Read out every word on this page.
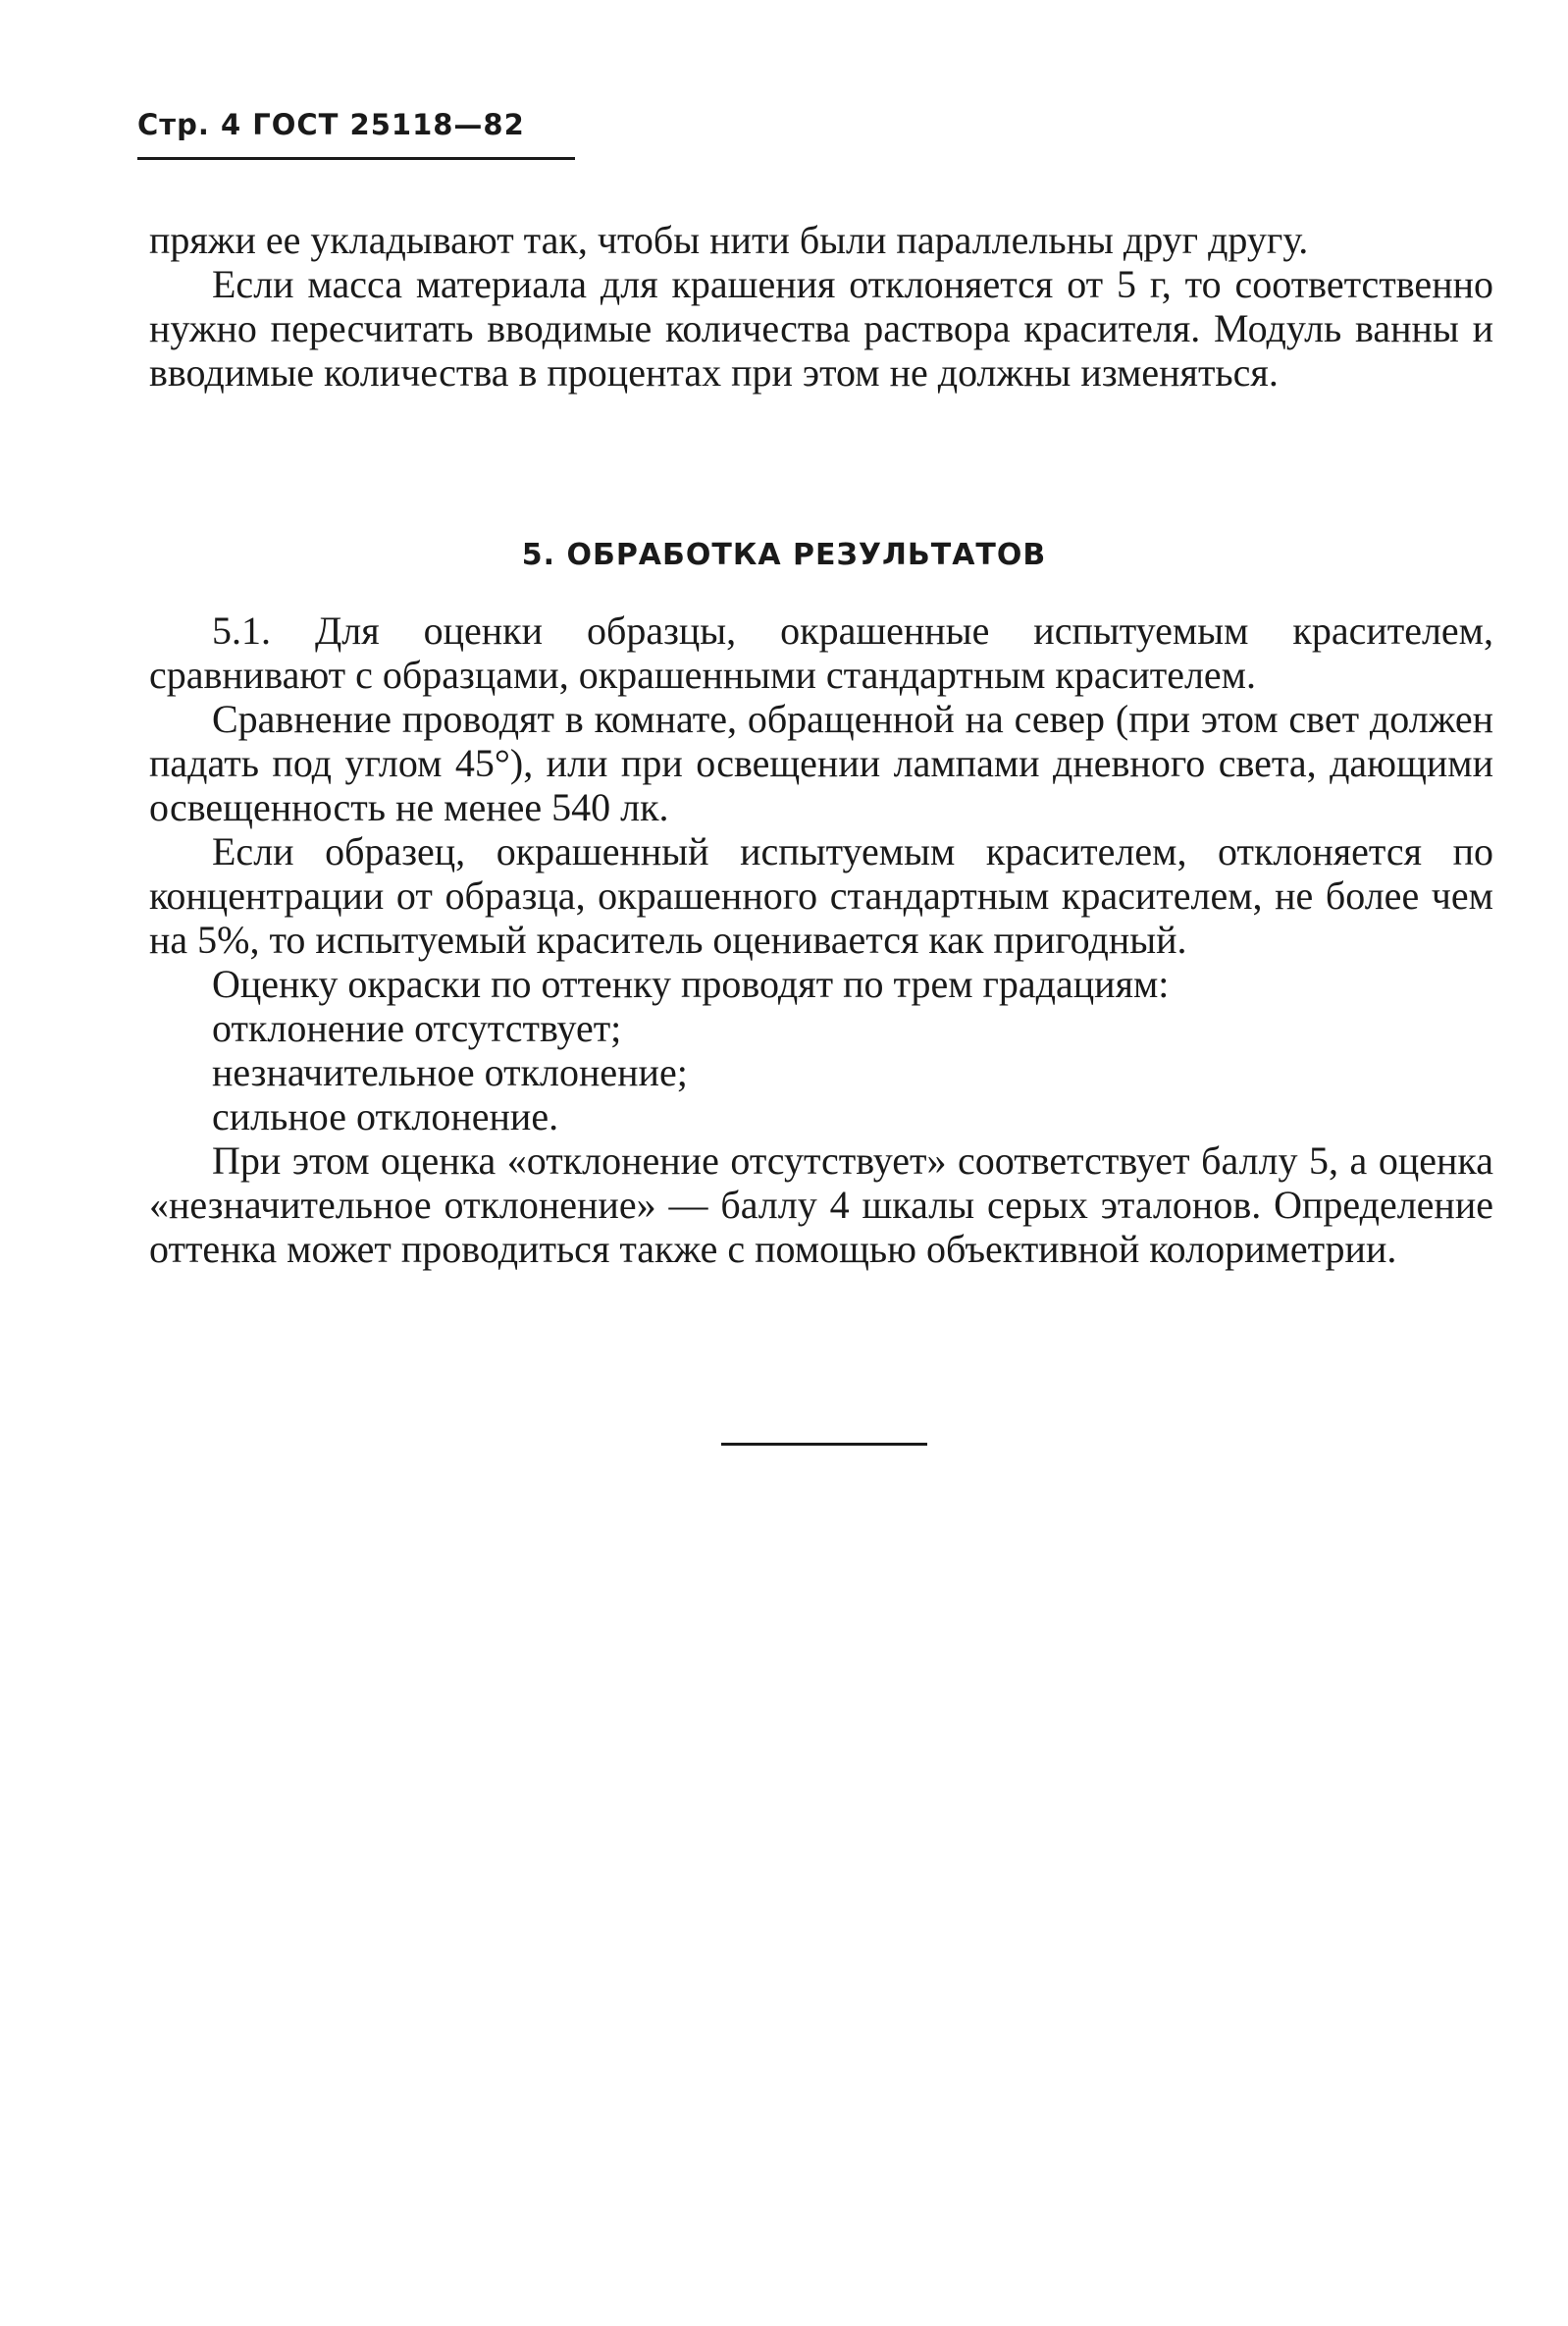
Стр. 4 ГОСТ 25118—82

пряжи ее укладывают так, чтобы нити были параллельны друг другу.

Если масса материала для крашения отклоняется от 5 г, то соответственно нужно пересчитать вводимые количества раствора красителя. Модуль ванны и вводимые количества в процентах при этом не должны изменяться.

5. ОБРАБОТКА РЕЗУЛЬТАТОВ

5.1. Для оценки образцы, окрашенные испытуемым красителем, сравнивают с образцами, окрашенными стандартным красителем.

Сравнение проводят в комнате, обращенной на север (при этом свет должен падать под углом 45°), или при освещении лампами дневного света, дающими освещенность не менее 540 лк.

Если образец, окрашенный испытуемым красителем, отклоняется по концентрации от образца, окрашенного стандартным красителем, не более чем на 5%, то испытуемый краситель оценивается как пригодный.

Оценку окраски по оттенку проводят по трем градациям:

отклонение отсутствует;

незначительное отклонение;

сильное отклонение.

При этом оценка «отклонение отсутствует» соответствует баллу 5, а оценка «незначительное отклонение» — баллу 4 шкалы серых эталонов. Определение оттенка может проводиться также с помощью объективной колориметрии.
